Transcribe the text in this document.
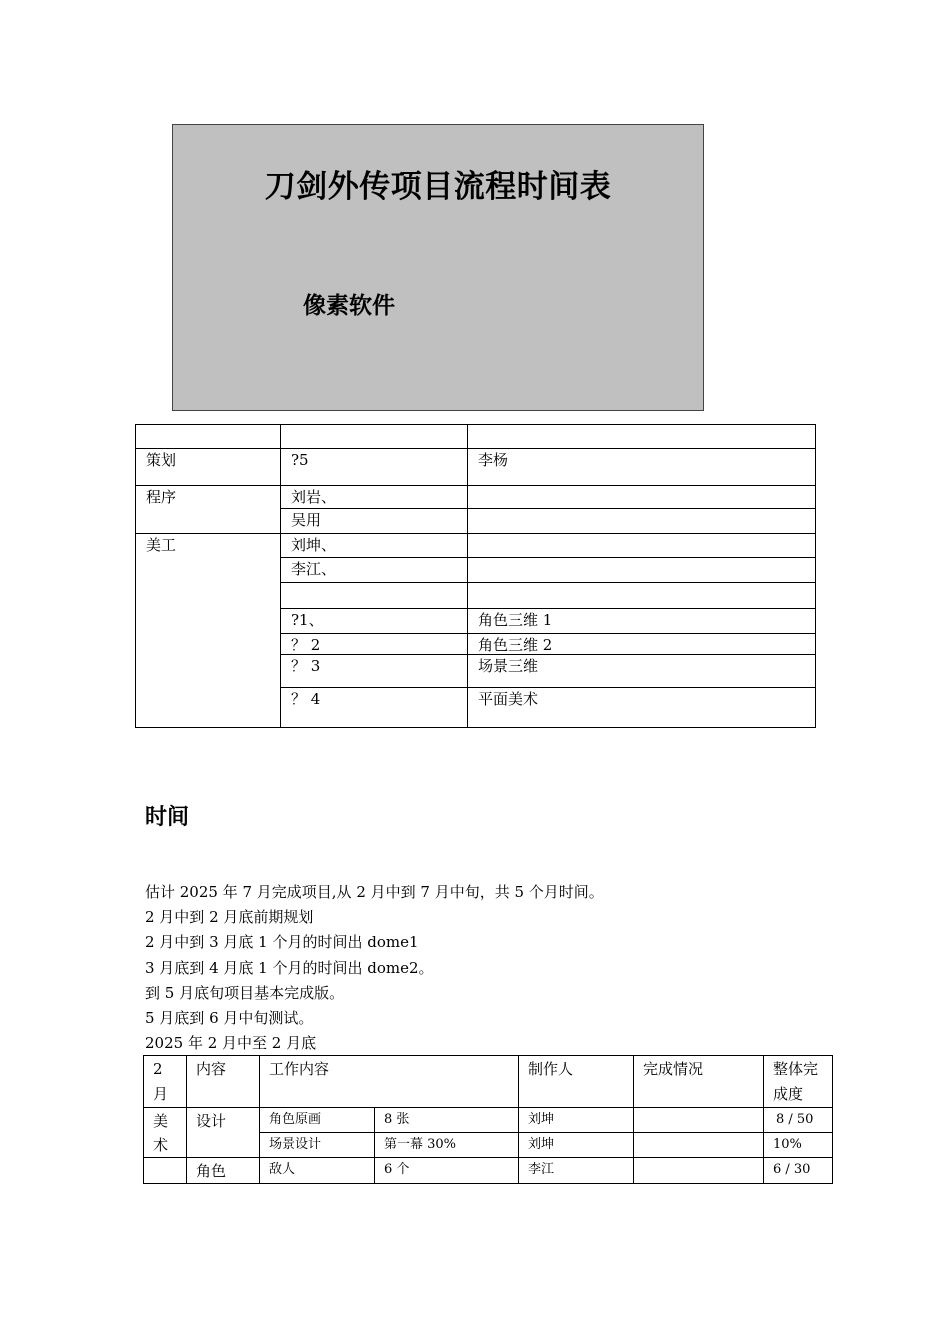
刀剑外传项目流程时间表
像素软件

策划	?5	李杨
程序	刘岩、	
	吴用	
美工	刘坤、	
	李江、	

	?1、	角色三维 1
	？ 2	角色三维 2
	？ 3	场景三维
	？ 4	平面美术
时间
估计 2025 年 7 月完成项目,从 2 月中到 7 月中旬，共 5 个月时间。
2 月中到 2 月底前期规划
2 月中到 3 月底 1 个月的时间出 dome1
3 月底到 4 月底 1 个月的时间出 dome2。
到 5 月底旬项目基本完成版。
5 月底到 6 月中旬测试。
2025 年 2 月中至 2 月底
2 月	内容	工作内容		制作人	完成情况	整体完成度
美术	设计	角色原画	8 张	刘坤		8 / 50
		场景设计	第一幕 30%	刘坤		10%
	角色	敌人	6 个	李江		6 / 30
